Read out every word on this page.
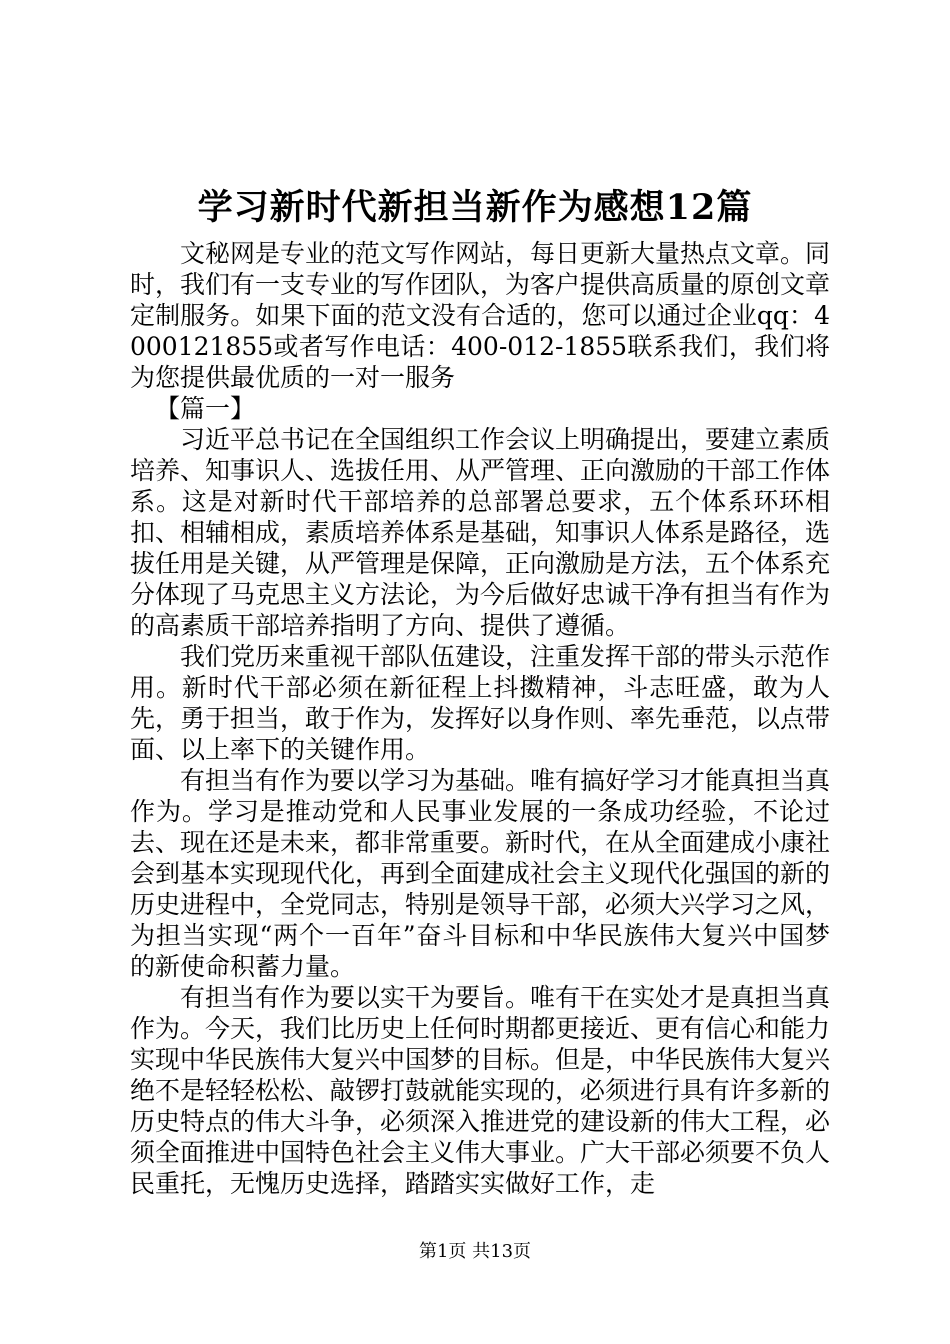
学习新时代新担当新作为感想12篇

文秘网是专业的范文写作网站，每日更新大量热点文章。同时，我们有一支专业的写作团队，为客户提供高质量的原创文章定制服务。如果下面的范文没有合适的，您可以通过企业qq：4000121855或者写作电话：400-012-1855联系我们，我们将为您提供最优质的一对一服务

【篇一】

习近平总书记在全国组织工作会议上明确提出，要建立素质培养、知事识人、选拔任用、从严管理、正向激励的干部工作体系。这是对新时代干部培养的总部署总要求，五个体系环环相扣、相辅相成，素质培养体系是基础，知事识人体系是路径，选拔任用是关键，从严管理是保障，正向激励是方法，五个体系充分体现了马克思主义方法论，为今后做好忠诚干净有担当有作为的高素质干部培养指明了方向、提供了遵循。

我们党历来重视干部队伍建设，注重发挥干部的带头示范作用。新时代干部必须在新征程上抖擞精神，斗志旺盛，敢为人先，勇于担当，敢于作为，发挥好以身作则、率先垂范，以点带面、以上率下的关键作用。

有担当有作为要以学习为基础。唯有搞好学习才能真担当真作为。学习是推动党和人民事业发展的一条成功经验，不论过去、现在还是未来，都非常重要。新时代，在从全面建成小康社会到基本实现现代化，再到全面建成社会主义现代化强国的新的历史进程中，全党同志，特别是领导干部，必须大兴学习之风，为担当实现“两个一百年”奋斗目标和中华民族伟大复兴中国梦的新使命积蓄力量。

有担当有作为要以实干为要旨。唯有干在实处才是真担当真作为。今天，我们比历史上任何时期都更接近、更有信心和能力实现中华民族伟大复兴中国梦的目标。但是，中华民族伟大复兴绝不是轻轻松松、敲锣打鼓就能实现的，必须进行具有许多新的历史特点的伟大斗争，必须深入推进党的建设新的伟大工程，必须全面推进中国特色社会主义伟大事业。广大干部必须要不负人民重托，无愧历史选择，踏踏实实做好工作，走

第1页 共13页
